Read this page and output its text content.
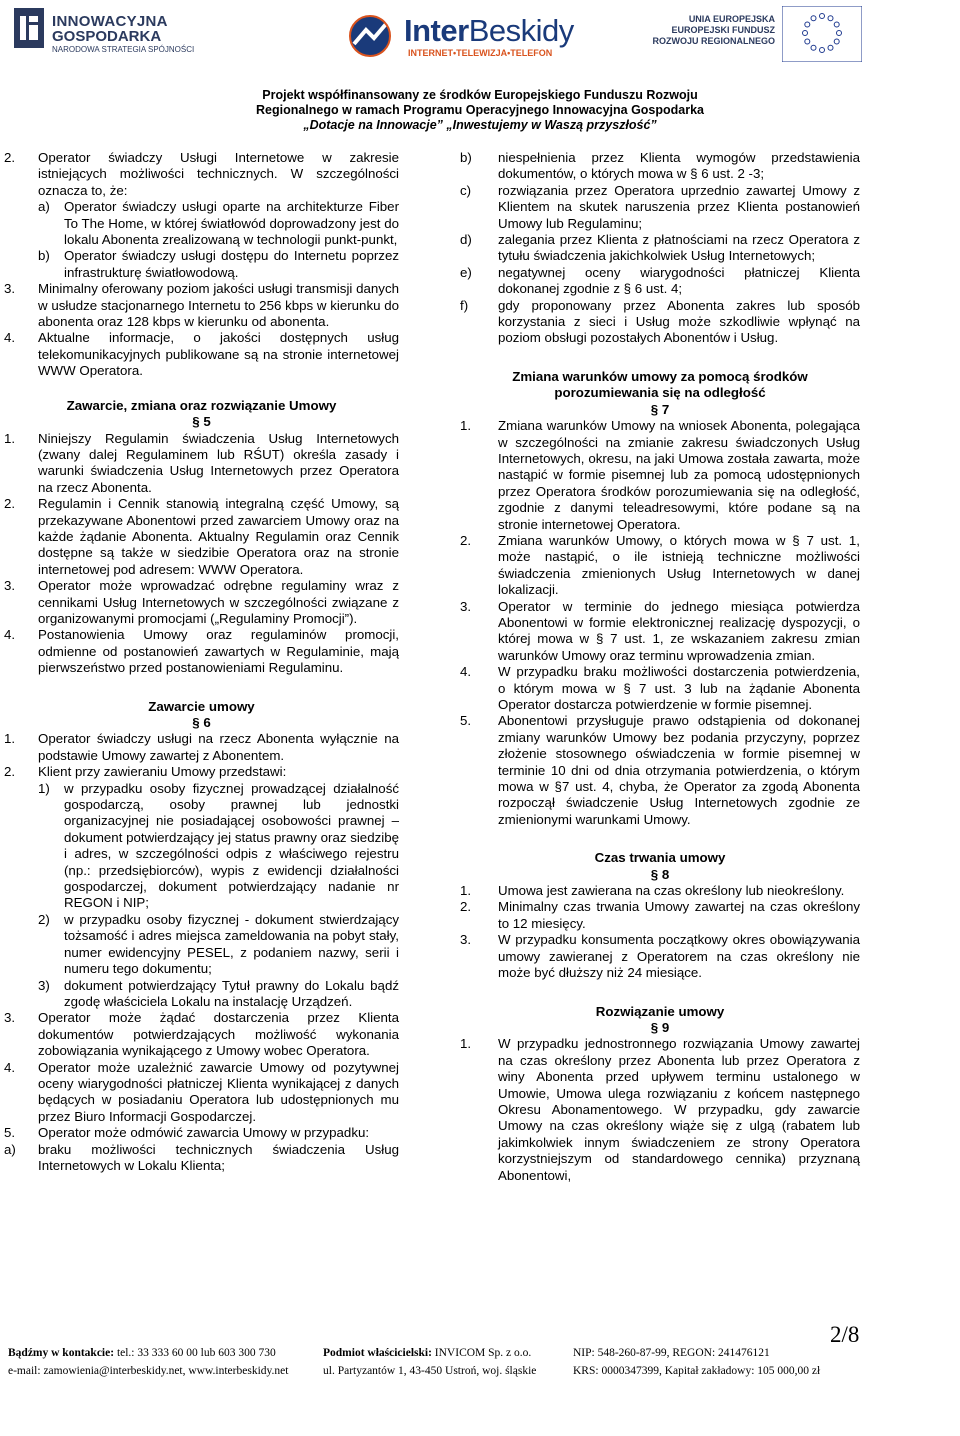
INNOWACYJNA
GOSPODARKA
NARODOWA STRATEGIA SPÓJNOŚCI
InterBeskidy
INTERNET•TELEWIZJA•TELEFON
UNIA EUROPEJSKA
EUROPEJSKI FUNDUSZ
ROZWOJU REGIONALNEGO
Projekt współfinansowany ze środków Europejskiego Funduszu Rozwoju
Regionalnego w ramach Programu Operacyjnego Innowacyjna Gospodarka
„Dotacje na Innowacje” „Inwestujemy w Waszą przyszłość”
2.	Operator świadczy Usługi Internetowe w zakresie istniejących możliwości technicznych. W szczególności oznacza to, że:
a)	Operator świadczy usługi oparte na architekturze Fiber To The Home, w której światłowód doprowadzony jest do lokalu Abonenta zrealizowaną w technologii punkt-punkt,
b)	Operator świadczy usługi dostępu do Internetu poprzez infrastrukturę światłowodową.
3.	Minimalny oferowany poziom jakości usługi transmisji danych w usłudze stacjonarnego Internetu to 256 kbps w kierunku do abonenta oraz 128 kbps w kierunku od abonenta.
4.	Aktualne informacje, o jakości dostępnych usług telekomunikacyjnych publikowane są na stronie internetowej WWW Operatora.
Zawarcie, zmiana oraz rozwiązanie Umowy
§ 5
1.	Niniejszy Regulamin świadczenia Usług Internetowych (zwany dalej Regulaminem lub RŚUT) określa zasady i warunki świadczenia Usług Internetowych przez Operatora na rzecz Abonenta.
2.	Regulamin i Cennik stanowią integralną część Umowy, są przekazywane Abonentowi przed zawarciem Umowy oraz na każde żądanie Abonenta. Aktualny Regulamin oraz Cennik dostępne są także w siedzibie Operatora oraz na stronie internetowej pod adresem: WWW Operatora.
3.	Operator może wprowadzać odrębne regulaminy wraz z cennikami Usług Internetowych w szczególności związane z organizowanymi promocjami („Regulaminy Promocji”).
4.	Postanowienia Umowy oraz regulaminów promocji, odmienne od postanowień zawartych w Regulaminie, mają pierwszeństwo przed postanowieniami Regulaminu.
Zawarcie umowy
§ 6
1.	Operator świadczy usługi na rzecz Abonenta wyłącznie na podstawie Umowy zawartej z Abonentem.
2.	Klient przy zawieraniu Umowy przedstawi:
1)	w przypadku osoby fizycznej prowadzącej działalność gospodarczą, osoby prawnej lub jednostki organizacyjnej nie posiadającej osobowości prawnej – dokument potwierdzający jej status prawny oraz siedzibę i adres, w szczególności odpis z właściwego rejestru (np.: przedsiębiorców), wypis z ewidencji działalności gospodarczej, dokument potwierdzający nadanie nr REGON i NIP;
2)	w przypadku osoby fizycznej - dokument stwierdzający tożsamość i adres miejsca zameldowania na pobyt stały, numer ewidencyjny PESEL, z podaniem nazwy, serii i numeru tego dokumentu;
3)	dokument potwierdzający Tytuł prawny do Lokalu bądź zgodę właściciela Lokalu na instalację Urządzeń.
3.	Operator może żądać dostarczenia przez Klienta dokumentów potwierdzających możliwość wykonania zobowiązania wynikającego z Umowy wobec Operatora.
4.	Operator może uzależnić zawarcie Umowy od pozytywnej oceny wiarygodności płatniczej Klienta wynikającej z danych będących w posiadaniu Operatora lub udostępnionych mu przez Biuro Informacji Gospodarczej.
5.	Operator może odmówić zawarcia Umowy w przypadku:
a)	braku możliwości technicznych świadczenia Usług Internetowych w Lokalu Klienta;
b)	niespełnienia przez Klienta wymogów przedstawienia dokumentów, o których mowa w § 6 ust. 2 -3;
c)	rozwiązania przez Operatora uprzednio zawartej Umowy z Klientem na skutek naruszenia przez Klienta postanowień Umowy lub Regulaminu;
d)	zalegania przez Klienta z płatnościami na rzecz Operatora z tytułu świadczenia jakichkolwiek Usług Internetowych;
e)	negatywnej oceny wiarygodności płatniczej Klienta dokonanej zgodnie z § 6 ust. 4;
f)	gdy proponowany przez Abonenta zakres lub sposób korzystania z sieci i Usług może szkodliwie wpłynąć na poziom obsługi pozostałych Abonentów i Usług.
Zmiana warunków umowy za pomocą środków porozumiewania się na odległość
§ 7
1.	Zmiana warunków Umowy na wniosek Abonenta, polegająca w szczególności na zmianie zakresu świadczonych Usług Internetowych, okresu, na jaki Umowa została zawarta, może nastąpić w formie pisemnej lub za pomocą udostępnionych przez Operatora środków porozumiewania się na odległość, zgodnie z danymi teleadresowymi, które podane są na stronie internetowej Operatora.
2.	Zmiana warunków Umowy, o których mowa w § 7 ust. 1, może nastąpić, o ile istnieją techniczne możliwości świadczenia zmienionych Usług Internetowych w danej lokalizacji.
3.	Operator w terminie do jednego miesiąca potwierdza Abonentowi w formie elektronicznej realizację dyspozycji, o której mowa w § 7 ust. 1, ze wskazaniem zakresu zmian warunków Umowy oraz terminu wprowadzenia zmian.
4.	W przypadku braku możliwości dostarczenia potwierdzenia, o którym mowa w § 7 ust. 3 lub na żądanie Abonenta Operator dostarcza potwierdzenie w formie pisemnej.
5.	Abonentowi przysługuje prawo odstąpienia od dokonanej zmiany warunków Umowy bez podania przyczyny, poprzez złożenie stosownego oświadczenia w formie pisemnej w terminie 10 dni od dnia otrzymania potwierdzenia, o którym mowa w §7 ust. 4, chyba, że Operator za zgodą Abonenta rozpoczął świadczenie Usług Internetowych zgodnie ze zmienionymi warunkami Umowy.
Czas trwania umowy
§ 8
1.	Umowa jest zawierana na czas określony lub nieokreślony.
2.	Minimalny czas trwania Umowy zawartej na czas określony to 12 miesięcy.
3.	W przypadku konsumenta początkowy okres obowiązywania umowy zawieranej z Operatorem na czas określony nie może być dłuższy niż 24 miesiące.
Rozwiązanie umowy
§ 9
1.	W przypadku jednostronnego rozwiązania Umowy zawartej na czas określony przez Abonenta lub przez Operatora z winy Abonenta przed upływem terminu ustalonego w Umowie, Umowa ulega rozwiązaniu z końcem następnego Okresu Abonamentowego. W przypadku, gdy zawarcie Umowy na czas określony wiąże się z ulgą (rabatem lub jakimkolwiek innym świadczeniem ze strony Operatora korzystniejszym od standardowego cennika) przyznaną Abonentowi,
Bądźmy w kontakcie: tel.: 33 333 60 00 lub 603 300 730
e-mail: zamowienia@interbeskidy.net, www.interbeskidy.net
Podmiot właścicielski: INVICOM Sp. z o.o.
ul. Partyzantów 1, 43-450 Ustroń, woj. śląskie
NIP: 548-260-87-99, REGON: 241476121
KRS: 0000347399, Kapitał zakładowy: 105 000,00 zł
2/8
